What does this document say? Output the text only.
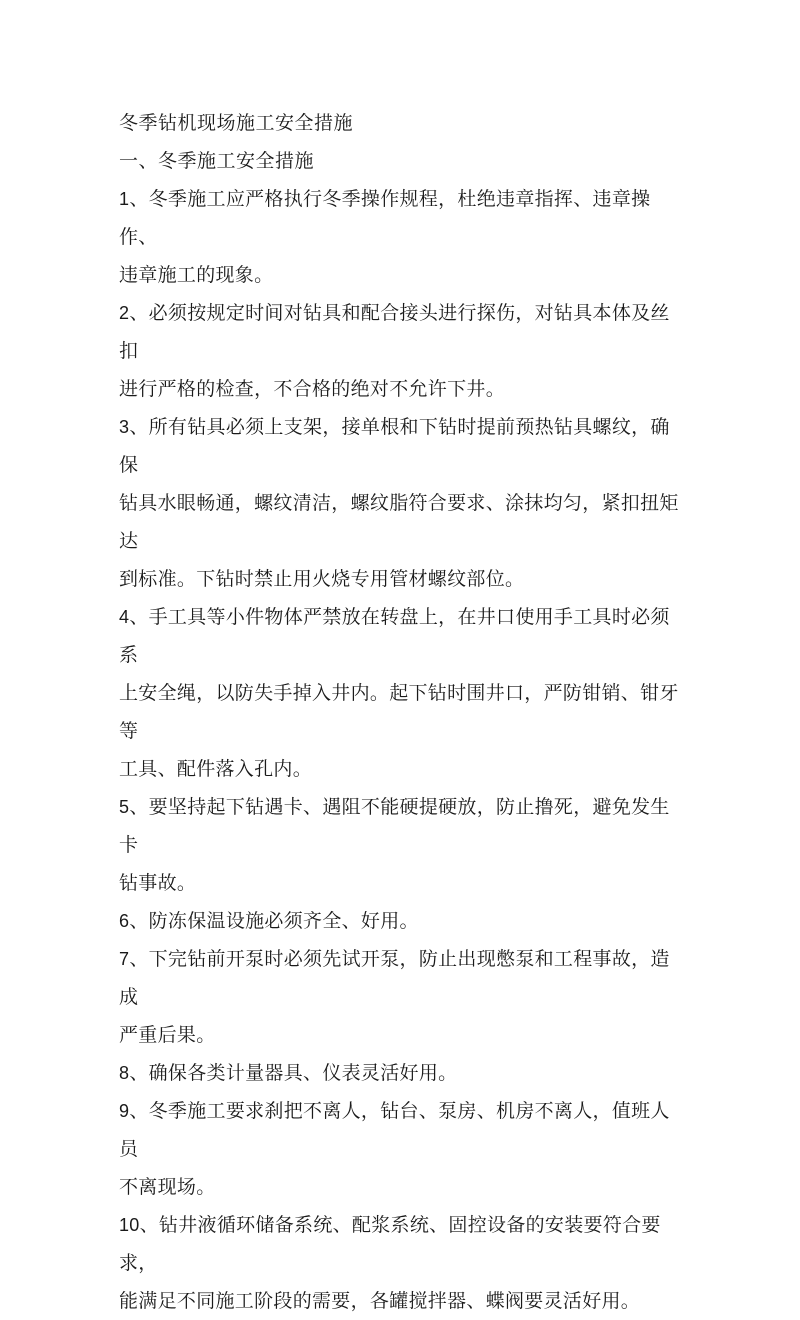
冬季钻机现场施工安全措施

一、冬季施工安全措施

1、冬季施工应严格执行冬季操作规程，杜绝违章指挥、违章操作、

违章施工的现象。

2、必须按规定时间对钻具和配合接头进行探伤，对钻具本体及丝扣

进行严格的检查，不合格的绝对不允许下井。

3、所有钻具必须上支架，接单根和下钻时提前预热钻具螺纹，确保

钻具水眼畅通，螺纹清洁，螺纹脂符合要求、涂抹均匀，紧扣扭矩达

到标准。下钻时禁止用火烧专用管材螺纹部位。

4、手工具等小件物体严禁放在转盘上，在井口使用手工具时必须系

上安全绳，以防失手掉入井内。起下钻时围井口，严防钳销、钳牙等

工具、配件落入孔内。

5、要坚持起下钻遇卡、遇阻不能硬提硬放，防止撸死，避免发生卡

钻事故。

6、防冻保温设施必须齐全、好用。

7、下完钻前开泵时必须先试开泵，防止出现憋泵和工程事故，造成

严重后果。

8、确保各类计量器具、仪表灵活好用。

9、冬季施工要求刹把不离人，钻台、泵房、机房不离人，值班人员

不离现场。

10、钻井液循环储备系统、配浆系统、固控设备的安装要符合要求，

能满足不同施工阶段的需要，各罐搅拌器、蝶阀要灵活好用。
